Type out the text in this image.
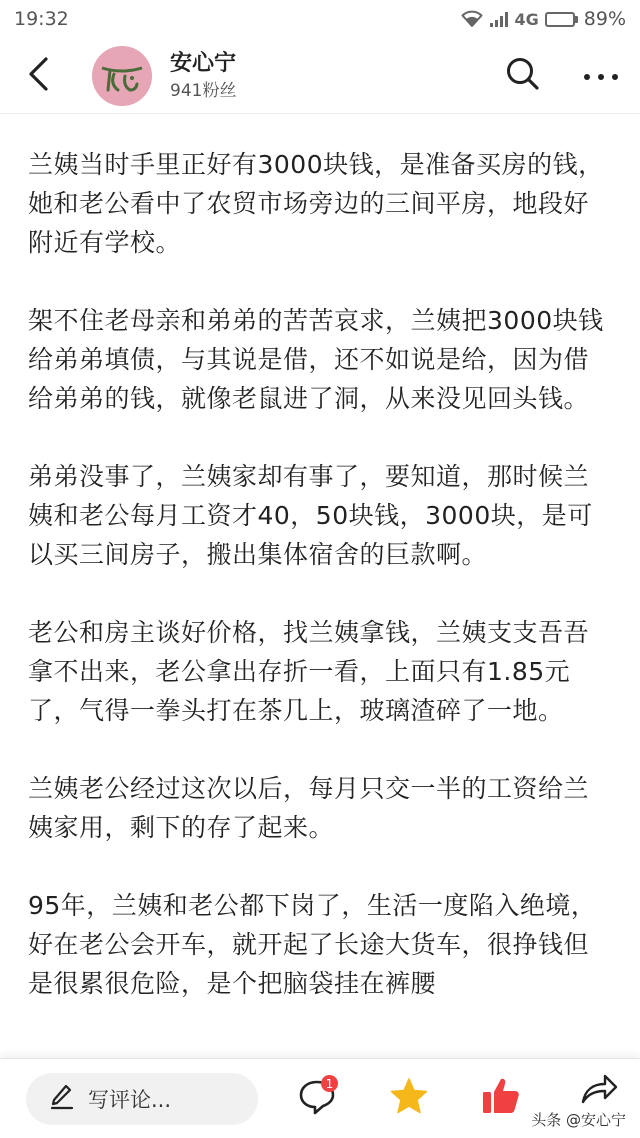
19:32	4G 89%
安心宁
941粉丝

兰姨当时手里正好有3000块钱，是准备买房的钱，她和老公看中了农贸市场旁边的三间平房，地段好附近有学校。

架不住老母亲和弟弟的苦苦哀求，兰姨把3000块钱给弟弟填债，与其说是借，还不如说是给，因为借给弟弟的钱，就像老鼠进了洞，从来没见回头钱。

弟弟没事了，兰姨家却有事了，要知道，那时候兰姨和老公每月工资才40，50块钱，3000块，是可以买三间房子，搬出集体宿舍的巨款啊。

老公和房主谈好价格，找兰姨拿钱，兰姨支支吾吾拿不出来，老公拿出存折一看，上面只有1.85元了，气得一拳头打在茶几上，玻璃渣碎了一地。

兰姨老公经过这次以后，每月只交一半的工资给兰姨家用，剩下的存了起来。

95年，兰姨和老公都下岗了，生活一度陷入绝境，好在老公会开车，就开起了长途大货车，很挣钱但是很累很危险，是个把脑袋挂在裤腰

写评论...
1
头条 @安心宁
